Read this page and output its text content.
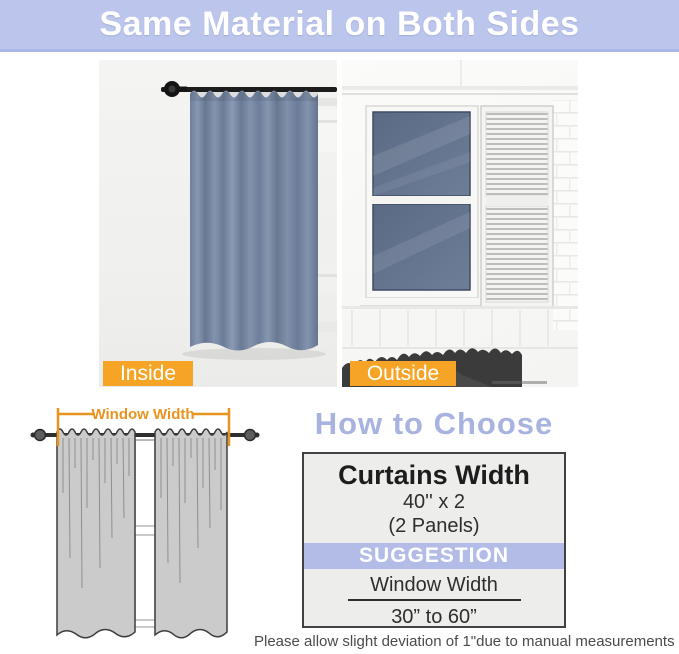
Same Material on Both Sides
Inside	Outside
Window Width	How to Choose
Curtains Width
40'' x 2
(2 Panels)
SUGGESTION
Window Width
30” to 60”
Please allow slight deviation of 1"due to manual measurements
